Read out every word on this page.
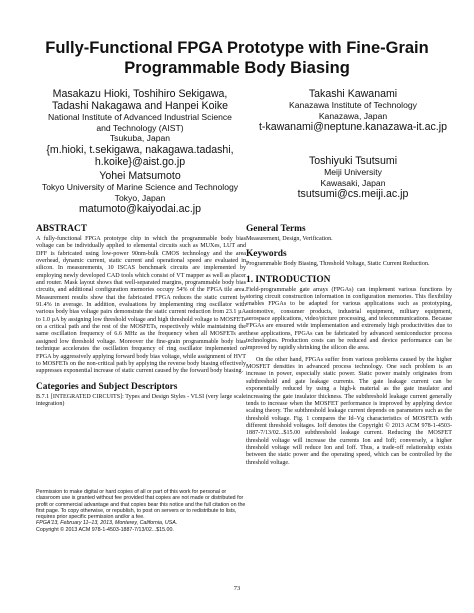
Fully-Functional FPGA Prototype with Fine-Grain
Programmable Body Biasing
Masakazu Hioki, Toshihiro Sekigawa,
Tadashi Nakagawa and Hanpei Koike
National Institute of Advanced Industrial Science
and Technology (AIST)
Tsukuba, Japan
{m.hioki, t.sekigawa, nakagawa.tadashi,
h.koike}@aist.go.jp
Takashi Kawanami
Kanazawa Institute of Technology
Kanazawa, Japan
t-kawanami@neptune.kanazawa-it.ac.jp
Yohei Matsumoto
Tokyo University of Marine Science and Technology
Tokyo, Japan
matumoto@kaiyodai.ac.jp
Toshiyuki Tsutsumi
Meiji University
Kawasaki, Japan
tsutsumi@cs.meiji.ac.jp
ABSTRACT

A fully-functional FPGA prototype chip in which the programmable body bias voltage can be individually applied to elemental circuits such as MUXes, LUT and DFF is fabricated using low-power 90nm-bulk CMOS technology and the area overhead, dynamic current, static current and operational speed are evaluated in silicon. In measurements, 10 ISCAS benchmark circuits are implemented by employing newly developed CAD tools which consist of VT mapper as well as placer and router. Mask layout shows that well-separated margins, programmable body bias circuits, and additional configuration memories occupy 54% of the FPGA tile area. Measurement results show that the fabricated FPGA reduces the static current by 91.4% in average. In addition, evaluations by implementing ring oscillator with various body bias voltage pairs demonstrate the static current reduction from 23.1 µA to 1.0 µA by assigning low threshold voltage and high threshold voltage to MOSFETs on a critical path and the rest of the MOSFETs, respectively while maintaining the same oscillation frequency of 6.6 MHz as the frequency when all MOSFETs are assigned low threshold voltage. Moreover the fine-grain programmable body bias technique accelerates the oscillation frequency of ring oscillator implemented on FPGA by aggressively applying forward body bias voltage, while assignment of HVT to MOSFETs on the non-critical path by applying the reverse body biasing effectively suppresses exponential increase of static current caused by the forward body biasing.

Categories and Subject Descriptors

B.7.1 [INTEGRATED CIRCUITS]: Types and Design Styles - VLSI (very large scale integration)

Permission to make digital or hard copies of all or part of this work for personal or classroom use is granted without fee provided that copies are not made or distributed for profit or commercial advantage and that copies bear this notice and the full citation on the first page. To copy otherwise, or republish, to post on servers or to redistribute to lists, requires prior specific permission and/or a fee.

FPGA'13, February 11–13, 2013, Monterey, California, USA.

Copyright © 2013 ACM 978-1-4503-1887-7/13/02...$15.00.

General Terms

Measurement, Design, Verification.

Keywords

Programmable Body Biasing, Threshold Voltage, Static Current Reduction.

1. INTRODUCTION

Field-programmable gate arrays (FPGAs) can implement various functions by storing circuit construction information in configuration memories. This flexibility enables FPGAs to be adapted for various applications such as prototyping, automotive, consumer products, industrial equipment, military equipment, aerospace applications, video/picture processing, and telecommunications. Because FPGAs are ensured wide implementation and extremely high productivities due to these applications, FPGAs can be fabricated by advanced semiconductor process technologies. Production costs can be reduced and device performance can be improved by rapidly shrinking the silicon die area.

On the other hand, FPGAs suffer from various problems caused by the higher MOSFET densities in advanced process technology. One such problem is an increase in power, especially static power. Static power mainly originates from subthreshold and gate leakage currents. The gate leakage current can be exponentially reduced by using a high-k material as the gate insulator and increasing the gate insulator thickness. The subthreshold leakage current generally tends to increase when the MOSFET performance is improved by applying device scaling theory. The subthreshold leakage current depends on parameters such as the threshold voltage. Fig. 1 compares the Id–Vg characteristics of MOSFETs with different threshold voltages. Ioff denotes the Copyright © 2013 ACM 978-1-4503-1887-7/13/02...$15.00 subthreshold leakage current. Reducing the MOSFET threshold voltage will increase the currents Ion and Ioff; conversely, a higher threshold voltage will reduce Ion and Ioff. Thus, a trade-off relationship exists between the static power and the operating speed, which can be controlled by the threshold voltage.

73
